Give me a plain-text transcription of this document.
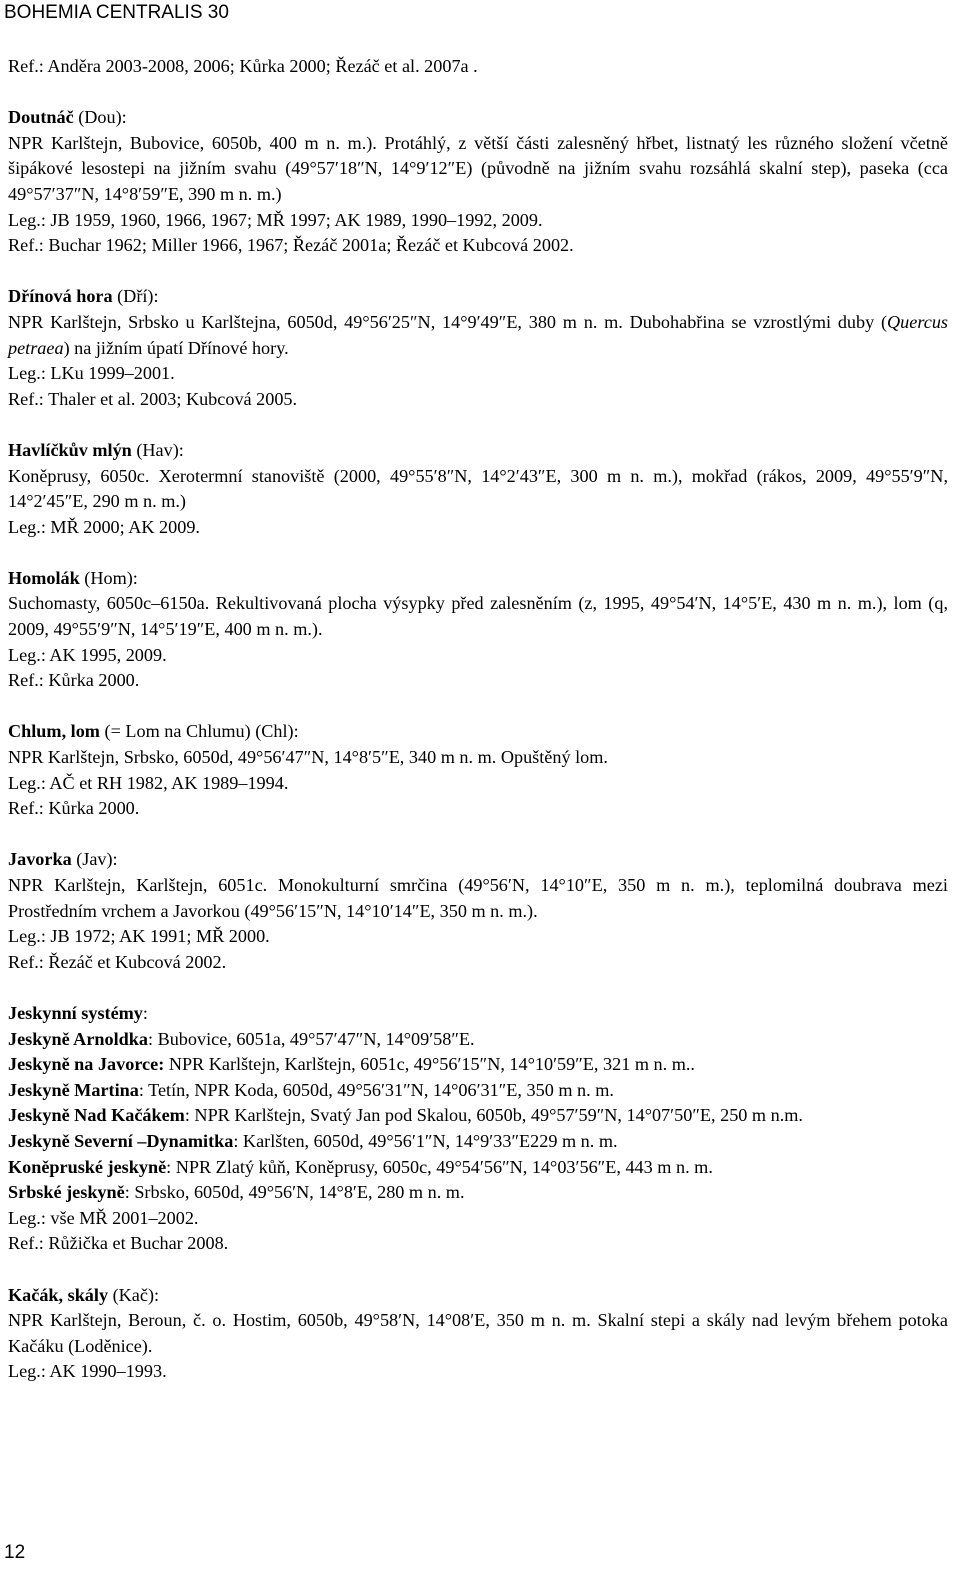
BOHEMIA CENTRALIS 30

Ref.: Anděra 2003-2008, 2006; Kůrka 2000; Řezáč et al. 2007a .

Doutnáč (Dou):

NPR Karlštejn, Bubovice, 6050b, 400 m n. m.). Protáhlý, z větší části zalesněný hřbet, listnatý les různého složení včetně šipákové lesostepi na jižním svahu (49°57′18″N, 14°9′12″E) (původně na jižním svahu rozsáhlá skalní step), paseka (cca 49°57′37″N, 14°8′59″E, 390 m n. m.)

Leg.: JB 1959, 1960, 1966, 1967; MŘ 1997; AK 1989, 1990–1992, 2009.

Ref.: Buchar 1962; Miller 1966, 1967; Řezáč 2001a; Řezáč et Kubcová 2002.

Dřínová hora (Dří):

NPR Karlštejn, Srbsko u Karlštejna, 6050d, 49°56′25″N, 14°9′49″E, 380 m n. m. Dubohabřina se vzrostlými duby (Quercus petraea) na jižním úpatí Dřínové hory.

Leg.: LKu 1999–2001.

Ref.: Thaler et al. 2003; Kubcová 2005.

Havlíčkův mlýn (Hav):

Koněprusy, 6050c. Xerotermní stanoviště (2000, 49°55′8″N, 14°2′43″E, 300 m n. m.), mokřad (rákos, 2009, 49°55′9″N, 14°2′45″E, 290 m n. m.)

Leg.: MŘ 2000; AK 2009.

Homolák (Hom):

Suchomasty, 6050c–6150a. Rekultivovaná plocha výsypky před zalesněním (z, 1995, 49°54′N, 14°5′E, 430 m n. m.), lom (q, 2009, 49°55′9″N, 14°5′19″E, 400 m n. m.).

Leg.: AK 1995, 2009.

Ref.: Kůrka 2000.

Chlum, lom (= Lom na Chlumu) (Chl):

NPR Karlštejn, Srbsko, 6050d, 49°56′47″N, 14°8′5″E, 340 m n. m. Opuštěný lom.

Leg.: AČ et RH 1982, AK 1989–1994.

Ref.: Kůrka 2000.

Javorka (Jav):

NPR Karlštejn, Karlštejn, 6051c. Monokulturní smrčina (49°56′N, 14°10″E, 350 m n. m.), teplomilná doubrava mezi Prostředním vrchem a Javorkou (49°56′15″N, 14°10′14″E, 350 m n. m.).

Leg.: JB 1972; AK 1991; MŘ 2000.

Ref.: Řezáč et Kubcová 2002.

Jeskynní systémy:

Jeskyně Arnoldka: Bubovice, 6051a, 49°57′47″N, 14°09′58″E.

Jeskyně na Javorce: NPR Karlštejn, Karlštejn, 6051c, 49°56′15″N, 14°10′59″E, 321 m n. m..

Jeskyně Martina: Tetín, NPR Koda, 6050d, 49°56′31″N, 14°06′31″E, 350 m n. m.

Jeskyně Nad Kačákem: NPR Karlštejn, Svatý Jan pod Skalou, 6050b, 49°57′59″N, 14°07′50″E, 250 m n.m.

Jeskyně Severní –Dynamitka: Karlšten, 6050d, 49°56′1″N, 14°9′33″E229 m n. m.

Koněpruské jeskyně: NPR Zlatý kůň, Koněprusy, 6050c, 49°54′56″N, 14°03′56″E, 443 m n. m.

Srbské jeskyně: Srbsko, 6050d, 49°56′N, 14°8′E, 280 m n. m.

Leg.: vše MŘ 2001–2002.

Ref.: Růžička et Buchar 2008.

Kačák, skály (Kač):

NPR Karlštejn, Beroun, č. o. Hostim, 6050b, 49°58′N, 14°08′E, 350 m n. m. Skalní stepi a skály nad levým břehem potoka Kačáku (Loděnice).

Leg.: AK 1990–1993.

12
